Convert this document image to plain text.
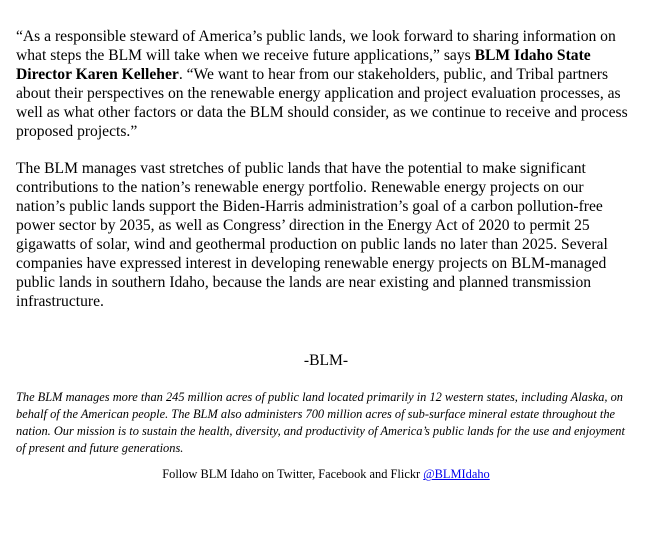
“As a responsible steward of America’s public lands, we look forward to sharing information on what steps the BLM will take when we receive future applications,” says BLM Idaho State Director Karen Kelleher. “We want to hear from our stakeholders, public, and Tribal partners about their perspectives on the renewable energy application and project evaluation processes, as well as what other factors or data the BLM should consider, as we continue to receive and process proposed projects.”

The BLM manages vast stretches of public lands that have the potential to make significant contributions to the nation’s renewable energy portfolio. Renewable energy projects on our nation’s public lands support the Biden-Harris administration’s goal of a carbon pollution-free power sector by 2035, as well as Congress’ direction in the Energy Act of 2020 to permit 25 gigawatts of solar, wind and geothermal production on public lands no later than 2025. Several companies have expressed interest in developing renewable energy projects on BLM-managed public lands in southern Idaho, because the lands are near existing and planned transmission infrastructure.

-BLM-

The BLM manages more than 245 million acres of public land located primarily in 12 western states, including Alaska, on behalf of the American people. The BLM also administers 700 million acres of sub-surface mineral estate throughout the nation. Our mission is to sustain the health, diversity, and productivity of America’s public lands for the use and enjoyment of present and future generations.

Follow BLM Idaho on Twitter, Facebook and Flickr @BLMIdaho
